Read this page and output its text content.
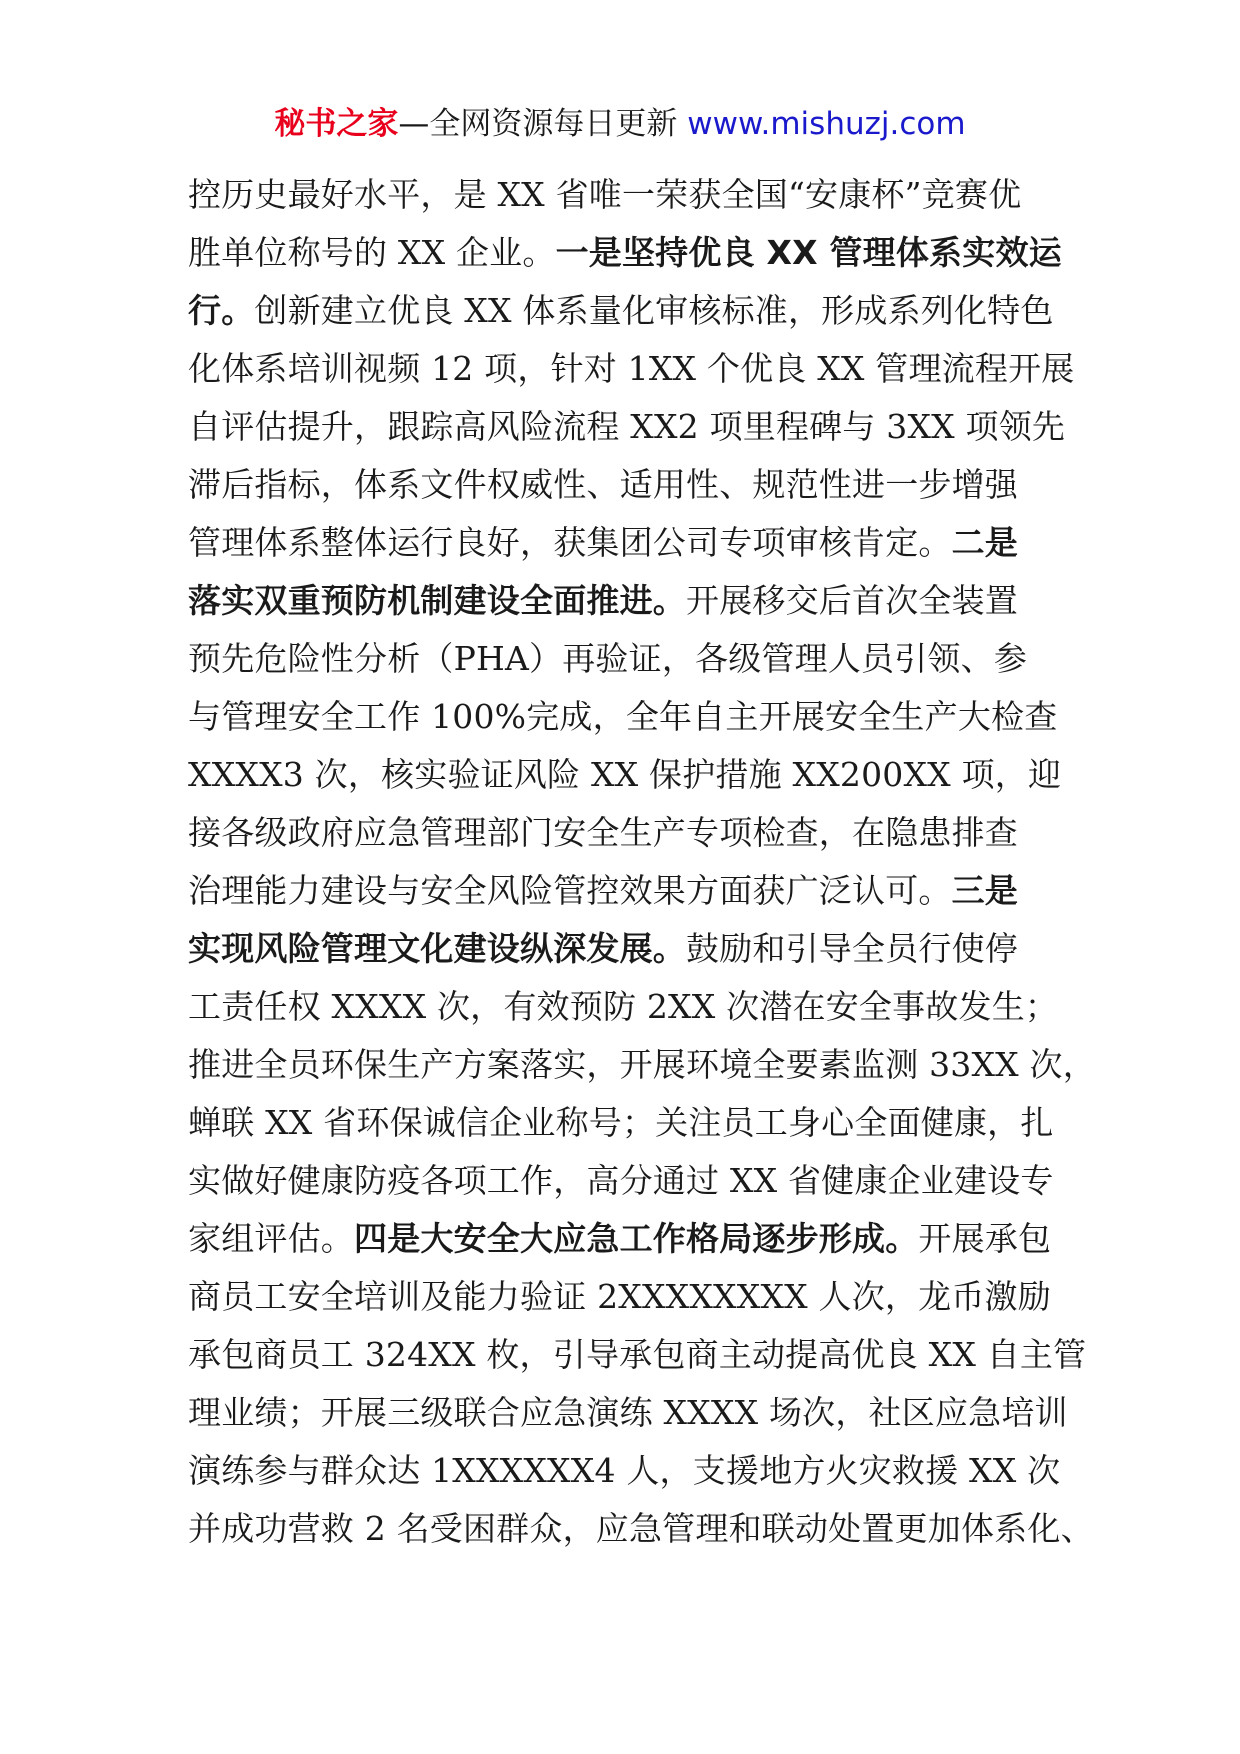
秘书之家—全网资源每日更新 www.mishuzj.com
控历史最好水平，是 XX 省唯一荣获全国“安康杯”竞赛优
胜单位称号的 XX 企业。一是坚持优良 XX 管理体系实效运
行。创新建立优良 XX 体系量化审核标准，形成系列化特色
化体系培训视频 12 项，针对 1XX 个优良 XX 管理流程开展
自评估提升，跟踪高风险流程 XX2 项里程碑与 3XX 项领先
滞后指标，体系文件权威性、适用性、规范性进一步增强
管理体系整体运行良好，获集团公司专项审核肯定。二是
落实双重预防机制建设全面推进。开展移交后首次全装置
预先危险性分析（PHA）再验证，各级管理人员引领、参
与管理安全工作 100%完成，全年自主开展安全生产大检查
XXXX3 次，核实验证风险 XX 保护措施 XX200XX 项，迎
接各级政府应急管理部门安全生产专项检查，在隐患排查
治理能力建设与安全风险管控效果方面获广泛认可。三是
实现风险管理文化建设纵深发展。鼓励和引导全员行使停
工责任权 XXXX 次，有效预防 2XX 次潜在安全事故发生；
推进全员环保生产方案落实，开展环境全要素监测 33XX 次，
蝉联 XX 省环保诚信企业称号；关注员工身心全面健康，扎
实做好健康防疫各项工作，高分通过 XX 省健康企业建设专
家组评估。四是大安全大应急工作格局逐步形成。开展承包
商员工安全培训及能力验证 2XXXXXXXX 人次，龙币激励
承包商员工 324XX 枚，引导承包商主动提高优良 XX 自主管
理业绩；开展三级联合应急演练 XXXX 场次，社区应急培训
演练参与群众达 1XXXXXX4 人，支援地方火灾救援 XX 次
并成功营救 2 名受困群众，应急管理和联动处置更加体系化、
